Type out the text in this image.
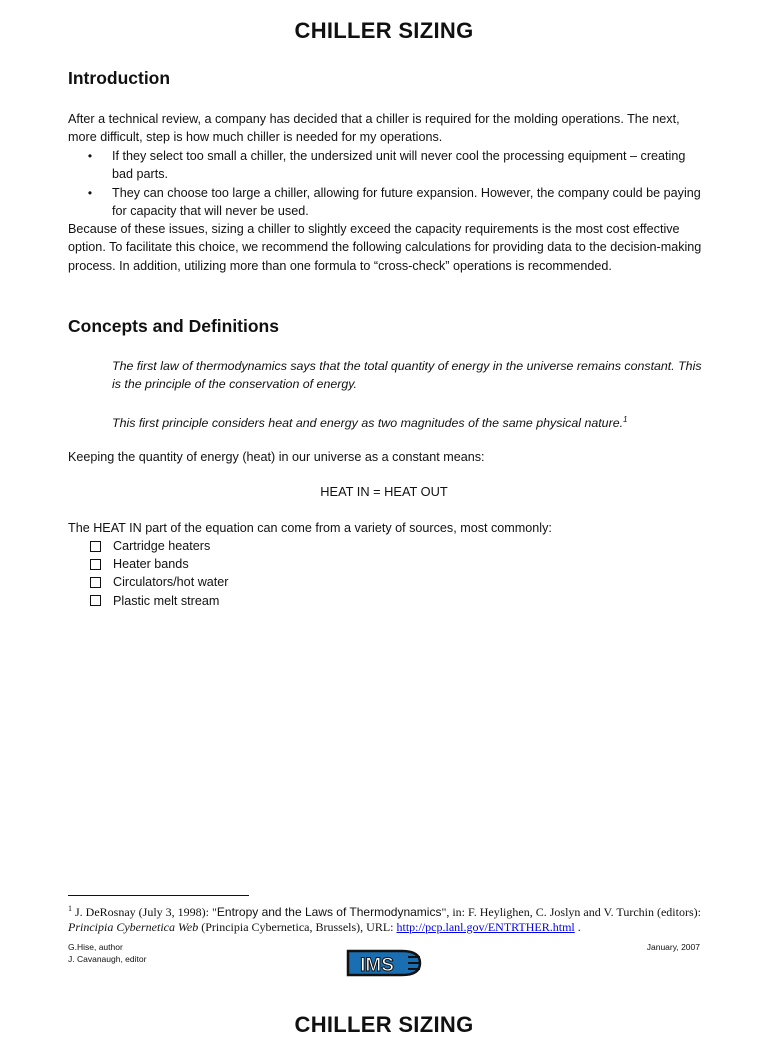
CHILLER SIZING
Introduction
After a technical review, a company has decided that a chiller is required for the molding operations. The next, more difficult, step is how much chiller is needed for my operations.
•	If they select too small a chiller, the undersized unit will never cool the processing equipment – creating bad parts.
•	They can choose too large a chiller, allowing for future expansion. However, the company could be paying for capacity that will never be used.
Because of these issues, sizing a chiller to slightly exceed the capacity requirements is the most cost effective option. To facilitate this choice, we recommend the following calculations for providing data to the decision-making process. In addition, utilizing more than one formula to “cross-check” operations is recommended.
Concepts and Definitions
The first law of thermodynamics says that the total quantity of energy in the universe remains constant. This is the principle of the conservation of energy.
This first principle considers heat and energy as two magnitudes of the same physical nature.$^1$
Keeping the quantity of energy (heat) in our universe as a constant means:
HEAT IN = HEAT OUT
The HEAT IN part of the equation can come from a variety of sources, most commonly:
Cartridge heaters
Heater bands
Circulators/hot water
Plastic melt stream
$^1$ J. DeRosnay (July 3, 1998): "Entropy and the Laws of Thermodynamics", in: F. Heylighen, C. Joslyn and V. Turchin (editors): Principia Cybernetica Web (Principia Cybernetica, Brussels), URL: http://pcp.lanl.gov/ENTRTHER.html .
G.Hise, author
J. Cavanaugh, editor	IMS
January, 2007
CHILLER SIZING
